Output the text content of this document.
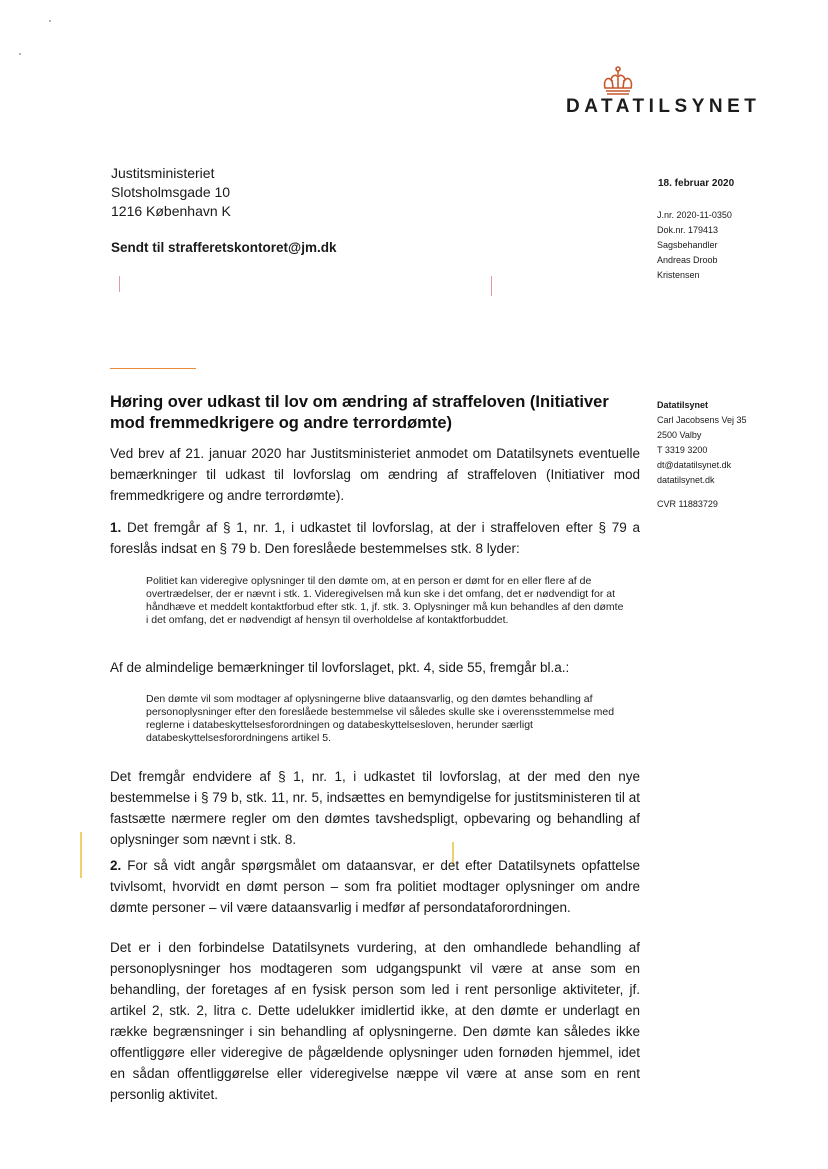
DATATILSYNET
Justitsministeriet
Slotsholmsgade 10
1216 København K
Sendt til strafferetskontoret@jm.dk
18. februar 2020
J.nr. 2020-11-0350
Dok.nr. 179413
Sagsbehandler
Andreas Droob
Kristensen
Datatilsynet
Carl Jacobsens Vej 35
2500 Valby
T 3319 3200
dt@datatilsynet.dk
datatilsynet.dk
CVR 11883729
Høring over udkast til lov om ændring af straffeloven (Initiativer mod fremmedkrigere og andre terrordømte)

Ved brev af 21. januar 2020 har Justitsministeriet anmodet om Datatilsynets eventuelle bemærkninger til udkast til lovforslag om ændring af straffeloven (Initiativer mod fremmedkrigere og andre terrordømte).

1. Det fremgår af § 1, nr. 1, i udkastet til lovforslag, at der i straffeloven efter § 79 a foreslås indsat en § 79 b. Den foreslåede bestemmelses stk. 8 lyder:

Politiet kan videregive oplysninger til den dømte om, at en person er dømt for en eller flere af de overtrædelser, der er nævnt i stk. 1. Videregivelsen må kun ske i det omfang, det er nødvendigt for at håndhæve et meddelt kontaktforbud efter stk. 1, jf. stk. 3. Oplysninger må kun behandles af den dømte i det omfang, det er nødvendigt af hensyn til overholdelse af kontaktforbuddet.

Af de almindelige bemærkninger til lovforslaget, pkt. 4, side 55, fremgår bl.a.:

Den dømte vil som modtager af oplysningerne blive dataansvarlig, og den dømtes behandling af personoplysninger efter den foreslåede bestemmelse vil således skulle ske i overensstemmelse med reglerne i databeskyttelsesforordningen og databeskyttelsesloven, herunder særligt databeskyttelsesforordningens artikel 5.

Det fremgår endvidere af § 1, nr. 1, i udkastet til lovforslag, at der med den nye bestemmelse i § 79 b, stk. 11, nr. 5, indsættes en bemyndigelse for justitsministeren til at fastsætte nærmere regler om den dømtes tavshedspligt, opbevaring og behandling af oplysninger som nævnt i stk. 8.

2. For så vidt angår spørgsmålet om dataansvar, er det efter Datatilsynets opfattelse tvivlsomt, hvorvidt en dømt person – som fra politiet modtager oplysninger om andre dømte personer – vil være dataansvarlig i medfør af persondataforordningen.

Det er i den forbindelse Datatilsynets vurdering, at den omhandlede behandling af personoplysninger hos modtageren som udgangspunkt vil være at anse som en behandling, der foretages af en fysisk person som led i rent personlige aktiviteter, jf. artikel 2, stk. 2, litra c. Dette udelukker imidlertid ikke, at den dømte er underlagt en række begrænsninger i sin behandling af oplysningerne. Den dømte kan således ikke offentliggøre eller videregive de pågældende oplysninger uden fornøden hjemmel, idet en sådan offentliggørelse eller videregivelse næppe vil være at anse som en rent personlig aktivitet.
